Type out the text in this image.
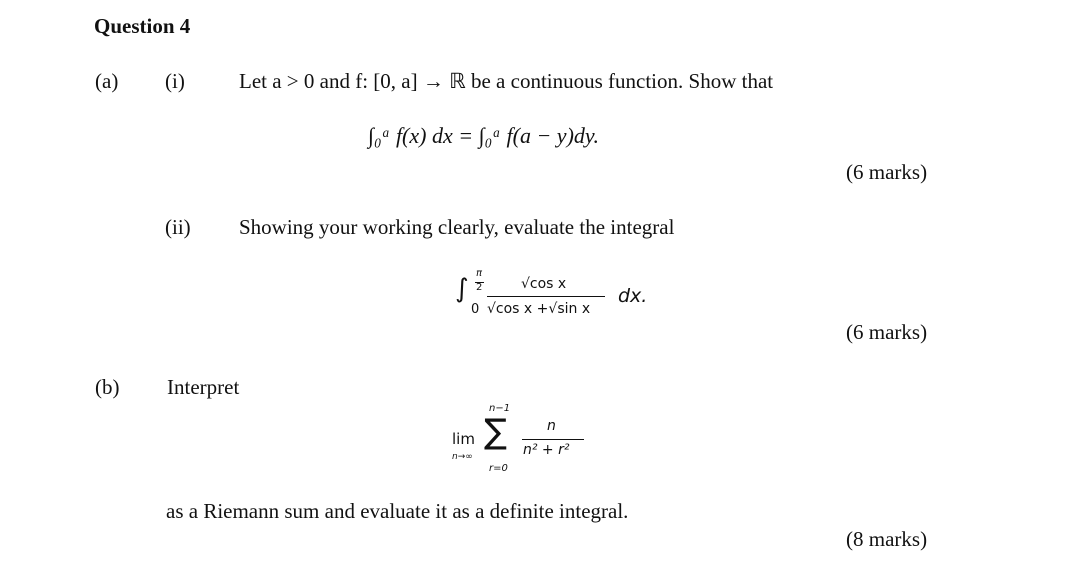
Question 4
(a) (i)	Let a > 0 and f: [0, a] → ℝ be a continuous function. Show that
∫₀ᵃ f(x) dx = ∫₀ᵃ f(a − y)dy.
(6 marks)
(ii) Showing your working clearly, evaluate the integral
∫
π
2
0
√cos x
√cos x +√sin x
dx.
(6 marks)
(b) Interpret
lim
n→∞
n−1
∑
r=0
n
n² + r²
as a Riemann sum and evaluate it as a definite integral.
(8 marks)
